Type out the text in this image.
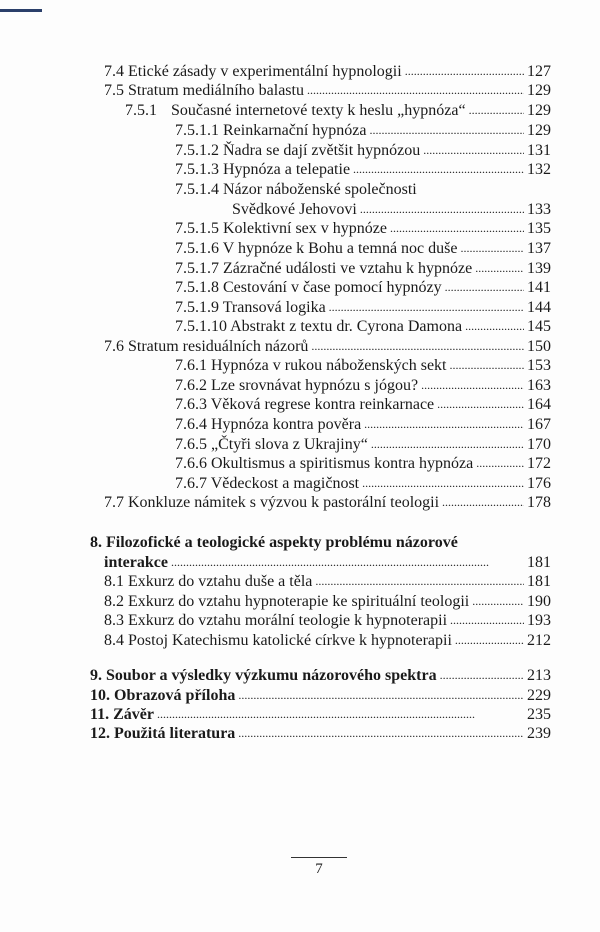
7.4 Etické zásady v experimentální hypnologii . . .	127
7.5 Stratum mediálního balastu . . .	129
7.5.1 Současné internetové texty k heslu „hypnóza“ . . .	129
7.5.1.1 Reinkarnační hypnóza . . .	129
7.5.1.2 Ňadra se dají zvětšit hypnózou . . .	131
7.5.1.3 Hypnóza a telepatie . . .	132
7.5.1.4 Názor náboženské společnosti
Svědkové Jehovovi . . .	133
7.5.1.5 Kolektivní sex v hypnóze . . .	135
7.5.1.6 V hypnóze k Bohu a temná noc duše . . .	137
7.5.1.7 Zázračné události ve vztahu k hypnóze . . .	139
7.5.1.8 Cestování v čase pomocí hypnózy . . .	141
7.5.1.9 Transová logika . . .	144
7.5.1.10 Abstrakt z textu dr. Cyrona Damona . . .	145
7.6 Stratum residuálních názorů . . .	150
7.6.1 Hypnóza v rukou náboženských sekt . . .	153
7.6.2 Lze srovnávat hypnózu s jógou? . . .	163
7.6.3 Věková regrese kontra reinkarnace . . .	164
7.6.4 Hypnóza kontra pověra . . .	167
7.6.5 „Čtyři slova z Ukrajiny“ . . .	170
7.6.6 Okultismus a spiritismus kontra hypnóza . . .	172
7.6.7 Vědeckost a magičnost . . .	176
7.7 Konkluze námitek s výzvou k pastorální teologii . . .	178
8. Filozofické a teologické aspekty problému názorové
interakce . . .	181
8.1 Exkurz do vztahu duše a těla . . .	181
8.2 Exkurz do vztahu hypnoterapie ke spirituální teologii . . .	190
8.3 Exkurz do vztahu morální teologie k hypnoterapii . . .	193
8.4 Postoj Katechismu katolické církve k hypnoterapii . . .	212
9. Soubor a výsledky výzkumu názorového spektra . . .	213
10. Obrazová příloha . . .	229
11. Závěr . . .	235
12. Použitá literatura . . .	239
7
